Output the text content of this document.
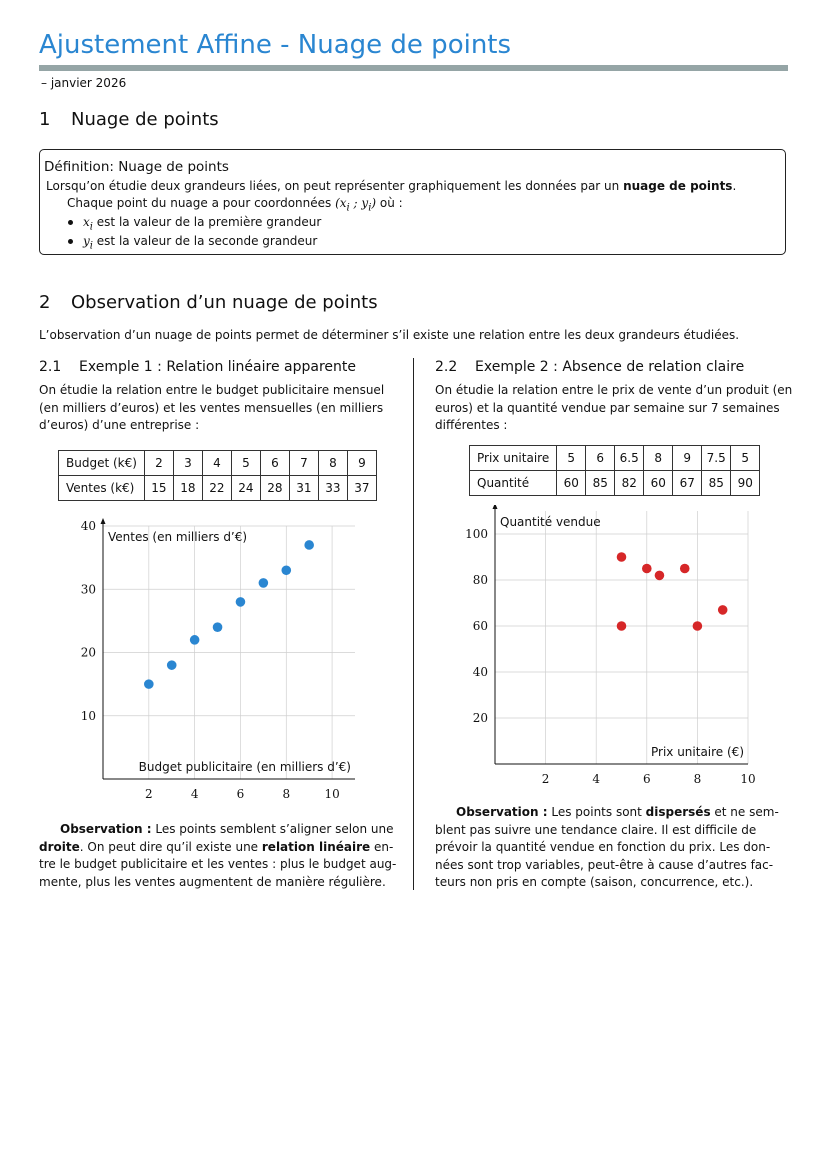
Ajustement Affine - Nuage de points
– janvier 2026
1 Nuage de points
Définition: Nuage de points
Lorsqu’on étudie deux grandeurs liées, on peut représenter graphiquement les données par un nuage de points.
Chaque point du nuage a pour coordonnées ($x_i$ ; $y_i$) où :
$x_i$ est la valeur de la première grandeur
$y_i$ est la valeur de la seconde grandeur
2 Observation d’un nuage de points
L’observation d’un nuage de points permet de déterminer s’il existe une relation entre les deux grandeurs étudiées.
2.1 Exemple 1 : Relation linéaire apparente
On étudie la relation entre le budget publicitaire mensuel
(en milliers d’euros) et les ventes mensuelles (en milliers
d’euros) d’une entreprise :
Budget (k€)	2	3	4	5	6	7	8	9
Ventes (k€)	15	18	22	24	28	31	33	37
2	4	6	8	10
10
20
30
40
Ventes (en milliers d’€)
Budget publicitaire (en milliers d’€)
Observation : Les points semblent s’aligner selon une
droite. On peut dire qu’il existe une relation linéaire en-
tre le budget publicitaire et les ventes : plus le budget aug-
mente, plus les ventes augmentent de manière régulière.
2.2 Exemple 2 : Absence de relation claire
On étudie la relation entre le prix de vente d’un produit (en
euros) et la quantité vendue par semaine sur 7 semaines
différentes :
Prix unitaire	5	6	6.5	8	9	7.5	5
Quantité	60	85	82	60	67	85	90
2	4	6	8	10
20
40
60
80
100
Quantité vendue
Prix unitaire (€)
Observation : Les points sont dispersés et ne sem-
blent pas suivre une tendance claire. Il est difficile de
prévoir la quantité vendue en fonction du prix. Les don-
nées sont trop variables, peut-être à cause d’autres fac-
teurs non pris en compte (saison, concurrence, etc.).
